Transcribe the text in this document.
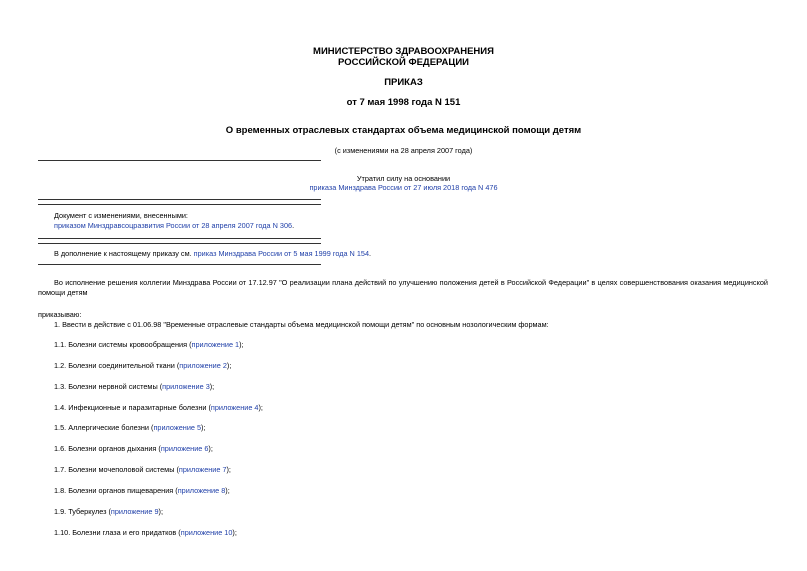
МИНИСТЕРСТВО ЗДРАВООХРАНЕНИЯ
РОССИЙСКОЙ ФЕДЕРАЦИИ
ПРИКАЗ
от 7 мая 1998 года N 151
О временных отраслевых стандартах объема медицинской помощи детям
(с изменениями на 28 апреля 2007 года)
Утратил силу на основании
приказа Минздрава России от 27 июля 2018 года N 476
Документ с изменениями, внесенными:
приказом Минздравсоцразвития России от 28 апреля 2007 года N 306.
В дополнение к настоящему приказу см. приказ Минздрава России от 5 мая 1999 года N 154.
Во исполнение решения коллегии Минздрава России от 17.12.97 "О реализации плана действий по улучшению положения детей в Российской Федерации" в целях совершенствования оказания медицинской
помощи детям
приказываю:
1. Ввести в действие с 01.06.98 "Временные отраслевые стандарты объема медицинской помощи детям" по основным нозологическим формам:
1.1. Болезни системы кровообращения (приложение 1);
1.2. Болезни соединительной ткани (приложение 2);
1.3. Болезни нервной системы (приложение 3);
1.4. Инфекционные и паразитарные болезни (приложение 4);
1.5. Аллергические болезни (приложение 5);
1.6. Болезни органов дыхания (приложение 6);
1.7. Болезни мочеполовой системы (приложение 7);
1.8. Болезни органов пищеварения (приложение 8);
1.9. Туберкулез (приложение 9);
1.10. Болезни глаза и его придатков (приложение 10);
